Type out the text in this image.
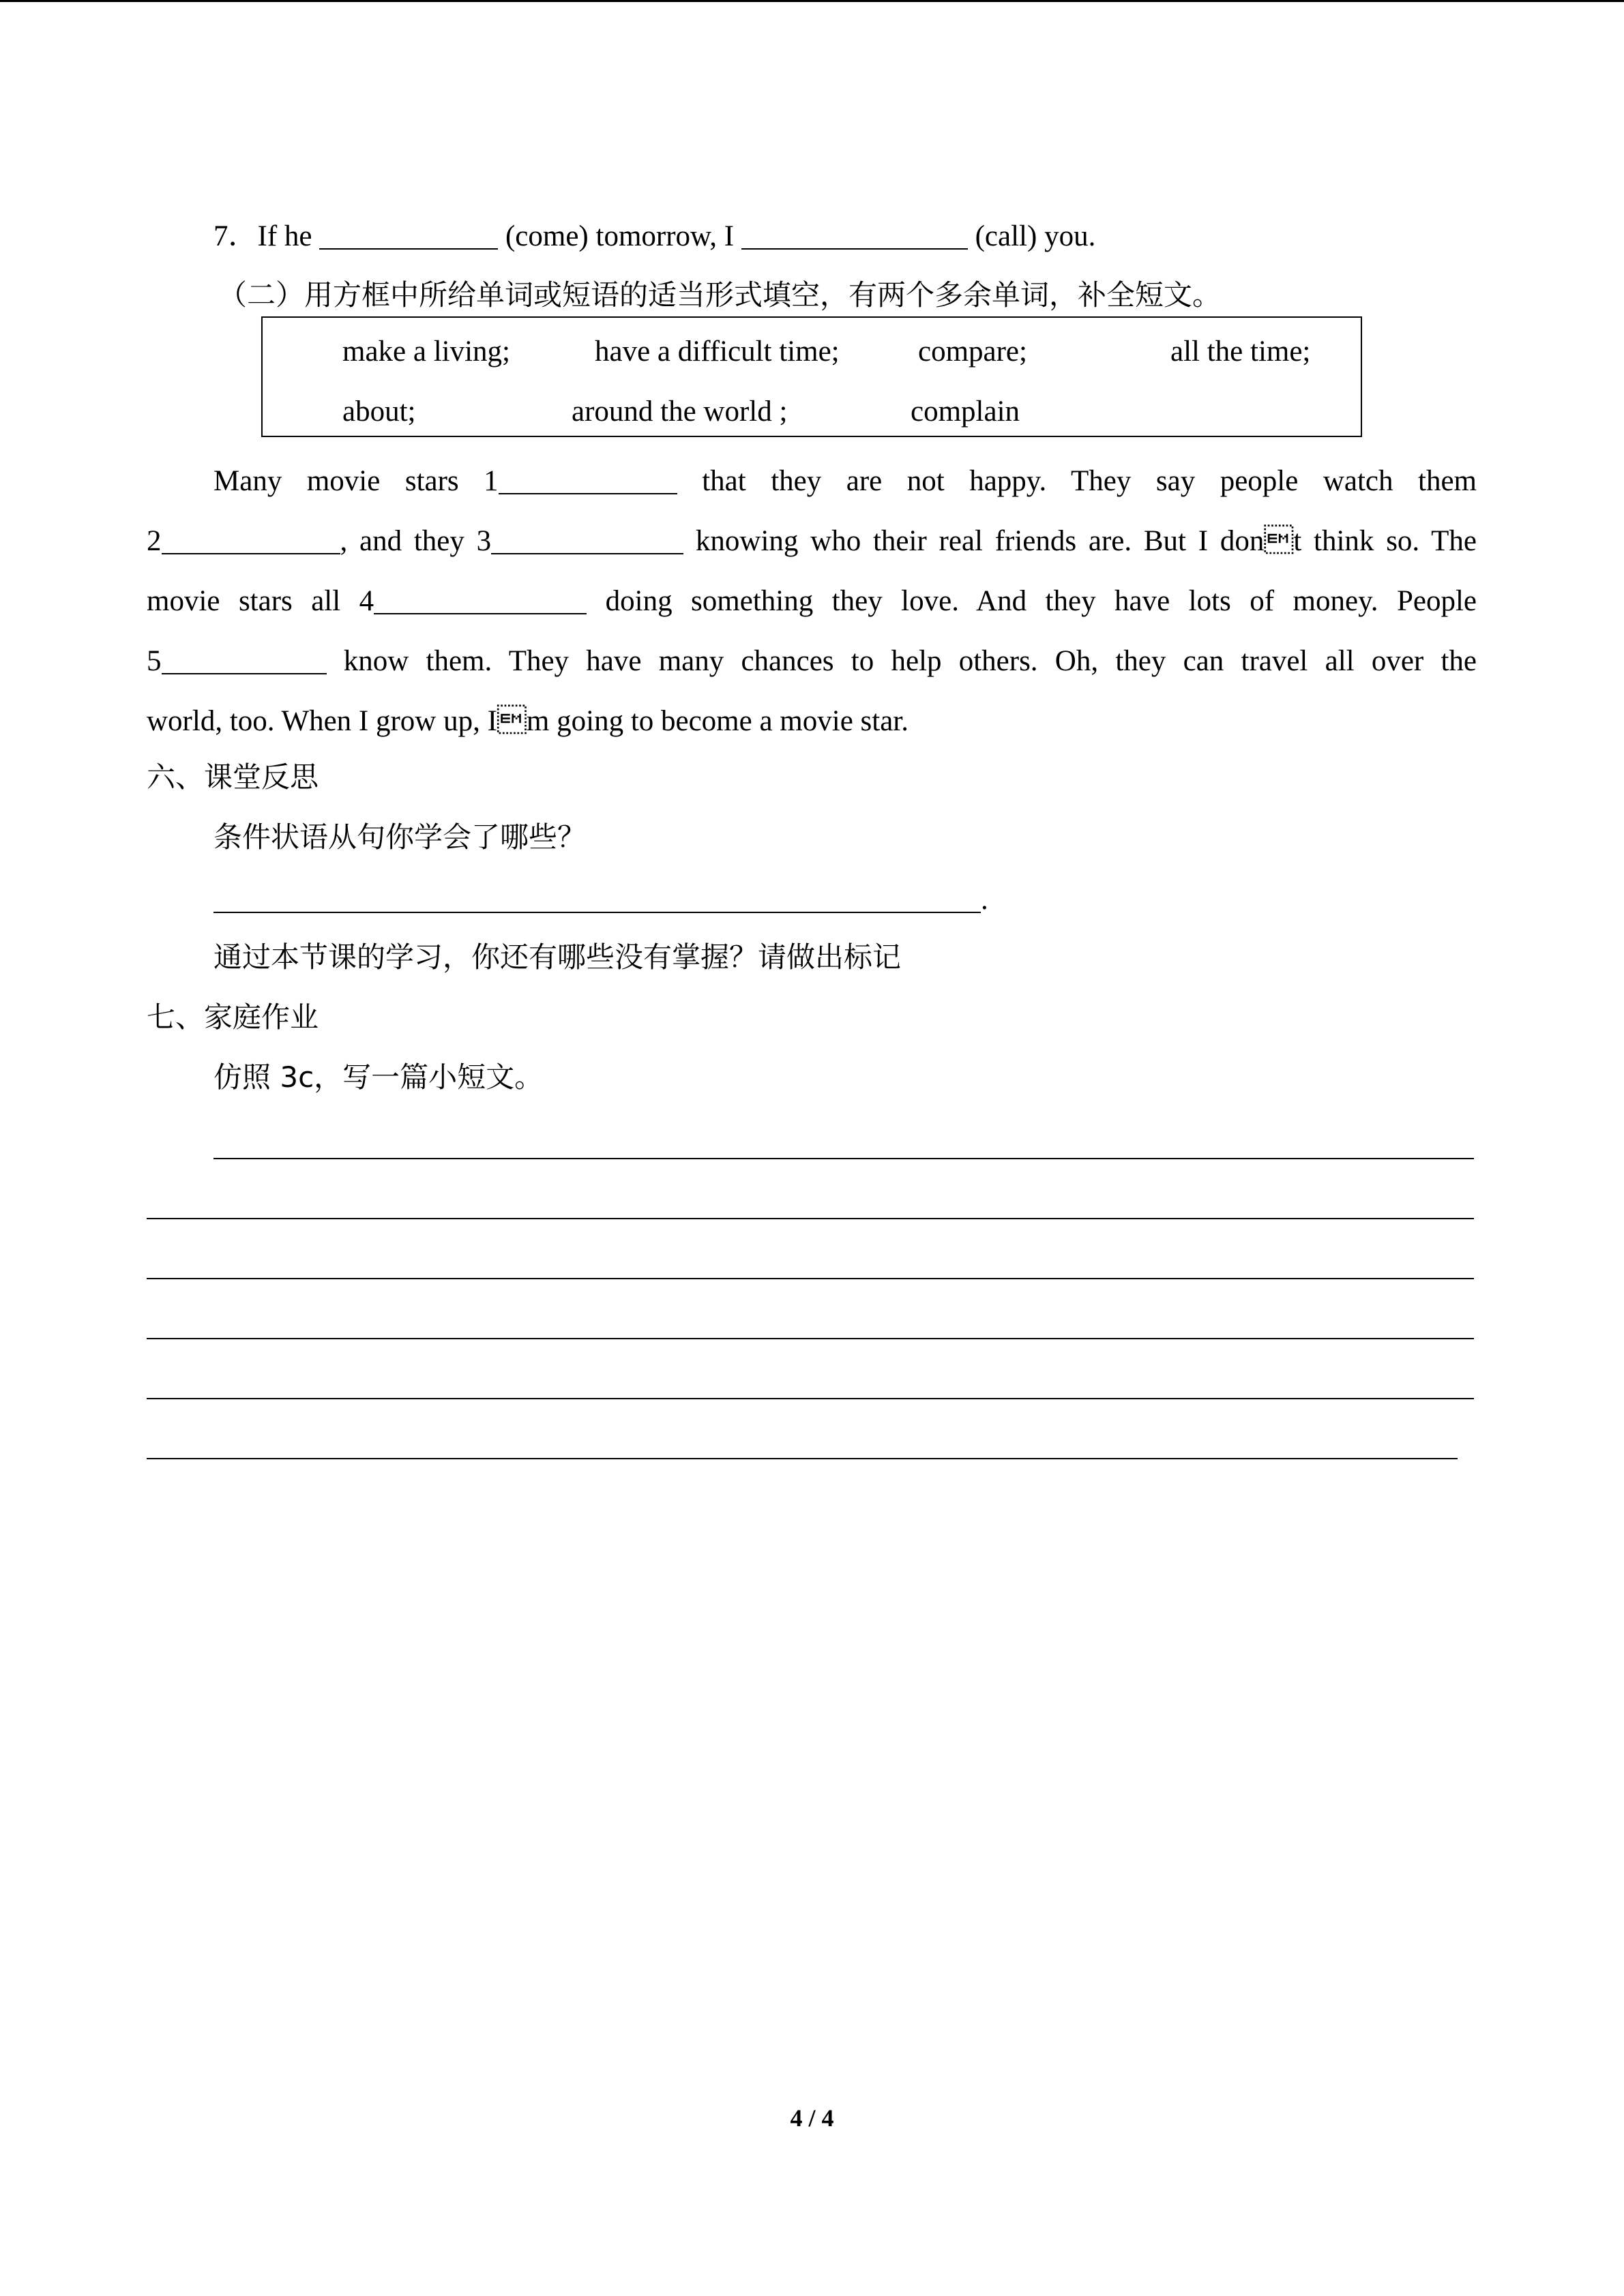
7．If he	(come) tomorrow, I	(call) you.
（二）用方框中所给单词或短语的适当形式填空，有两个多余单词，补全短文。
make a living;	have a difficult time;	compare;	all the time;
about;	around the world ;	complain
Many movie stars 1	that they are not happy. They say people watch them
2	, and they 3	knowing who their real friends are. But I dont think so. The
movie stars all 4	doing something they love. And they have lots of money. People
5	know them. They have many chances to help others. Oh, they can travel all over the
world, too. When I grow up, Im going to become a movie star.
六、课堂反思
条件状语从句你学会了哪些？
.
通过本节课的学习，你还有哪些没有掌握？请做出标记
七、家庭作业
仿照 3c，写一篇小短文。
4 / 4
